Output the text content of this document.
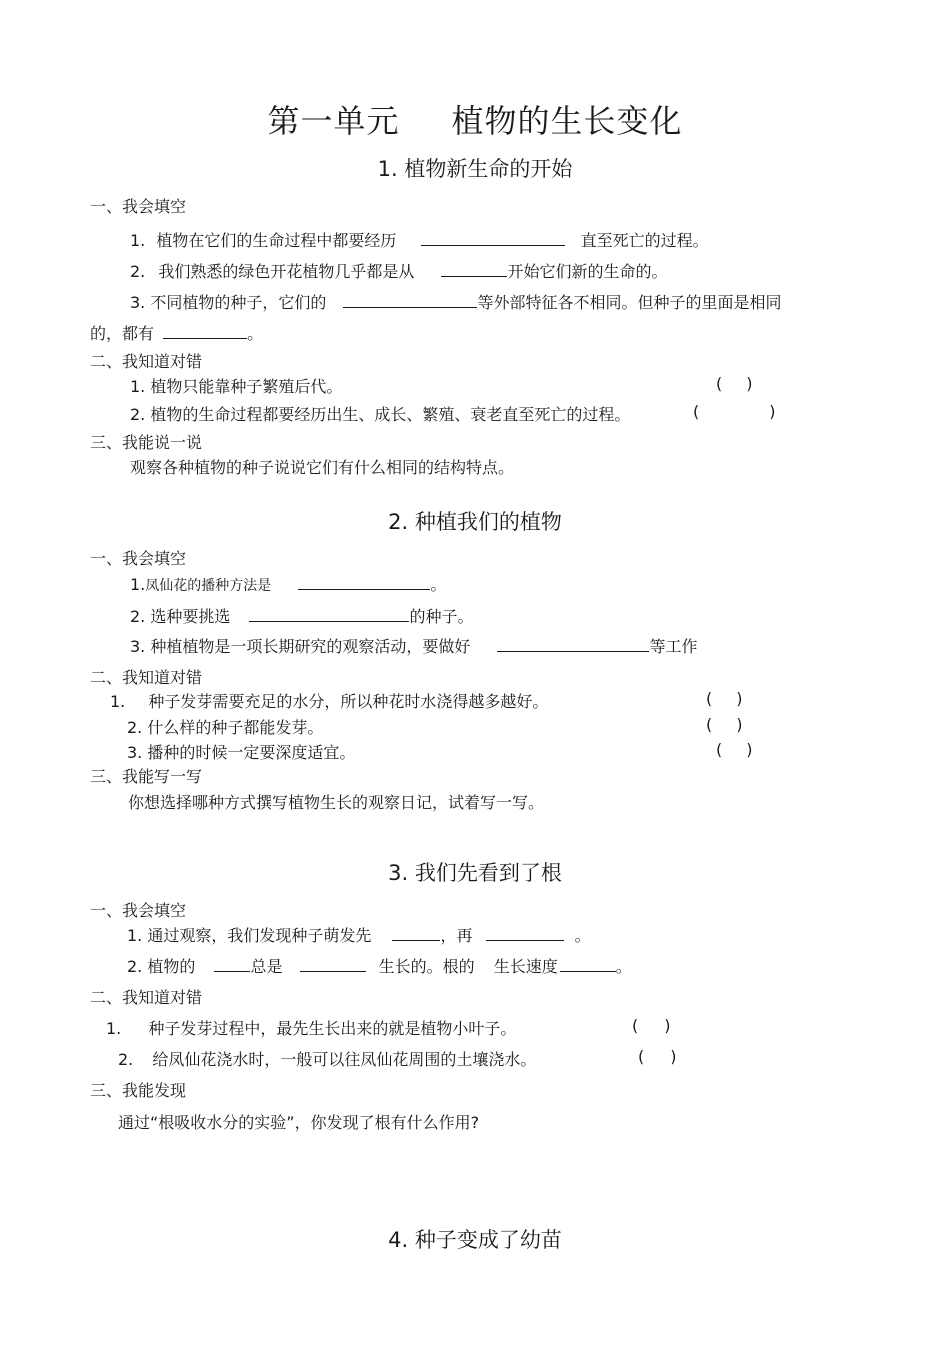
第一单元 植物的生长变化
1. 植物新生命的开始
一、我会填空
1. 植物在它们的生命过程中都要经历	直至死亡的过程。
2. 我们熟悉的绿色开花植物几乎都是从	开始它们新的生命的。
3. 不同植物的种子，它们的	等外部特征各不相同。但种子的里面是相同
的，都有	。
二、我知道对错
1. 植物只能靠种子繁殖后代。	( )
2. 植物的生命过程都要经历出生、成长、繁殖、衰老直至死亡的过程。	(	)
三、我能说一说
观察各种植物的种子说说它们有什么相同的结构特点。
2. 种植我们的植物
一、我会填空
1.凤仙花的播种方法是	。
2. 选种要挑选	的种子。
3. 种植植物是一项长期研究的观察活动，要做好	等工作
二、我知道对错
1. 种子发芽需要充足的水分，所以种花时水浇得越多越好。	( )
2. 什么样的种子都能发芽。	( )
3. 播种的时候一定要深度适宜。	( )
三、我能写一写
你想选择哪种方式撰写植物生长的观察日记，试着写一写。
3. 我们先看到了根
一、我会填空
1. 通过观察，我们发现种子萌发先	，再	。
2. 植物的	总是	生长的。根的 生长速度	。
二、我知道对错
1. 种子发芽过程中，最先生长出来的就是植物小叶子。	( )
2. 给凤仙花浇水时，一般可以往凤仙花周围的土壤浇水。	( )
三、我能发现
通过“根吸收水分的实验”，你发现了根有什么作用?
4. 种子变成了幼苗
